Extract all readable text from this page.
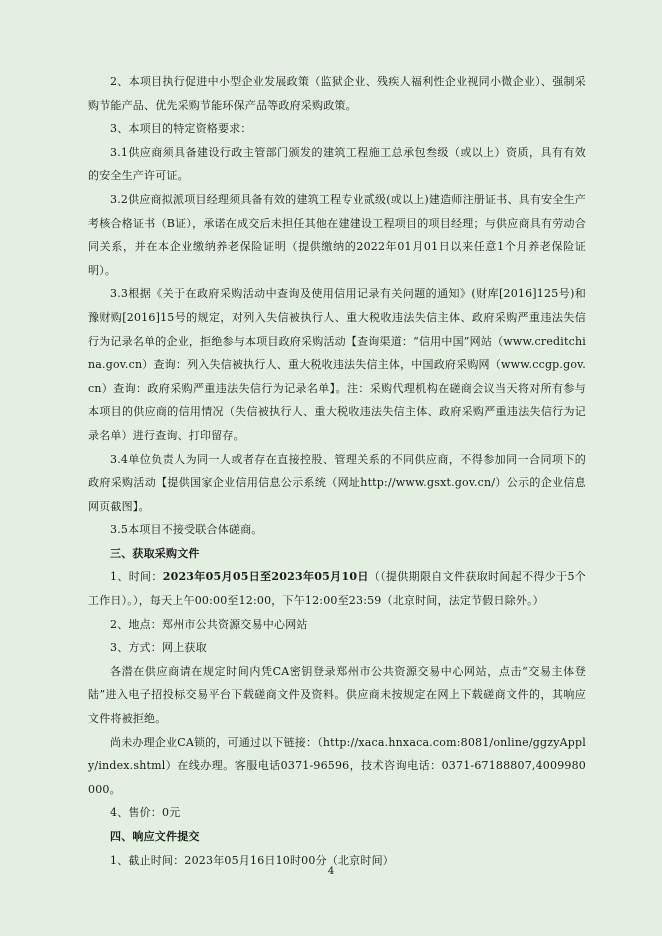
2、本项目执行促进中小型企业发展政策（监狱企业、残疾人福利性企业视同小微企业）、强制采购节能产品、优先采购节能环保产品等政府采购政策。

3、本项目的特定资格要求：

3.1供应商须具备建设行政主管部门颁发的建筑工程施工总承包叁级（或以上）资质，具有有效的安全生产许可证。

3.2供应商拟派项目经理须具备有效的建筑工程专业贰级(或以上)建造师注册证书、具有安全生产考核合格证书（B证），承诺在成交后未担任其他在建建设工程项目的项目经理；与供应商具有劳动合同关系，并在本企业缴纳养老保险证明（提供缴纳的2022年01月01日以来任意1个月养老保险证明）。

3.3根据《关于在政府采购活动中查询及使用信用记录有关问题的通知》(财库[2016]125号)和豫财购[2016]15号的规定，对列入失信被执行人、重大税收违法失信主体、政府采购严重违法失信行为记录名单的企业，拒绝参与本项目政府采购活动【查询渠道：“信用中国”网站（www.creditchina.gov.cn）查询：列入失信被执行人、重大税收违法失信主体，中国政府采购网（www.ccgp.gov.cn）查询：政府采购严重违法失信行为记录名单】。注：采购代理机构在磋商会议当天将对所有参与本项目的供应商的信用情况（失信被执行人、重大税收违法失信主体、政府采购严重违法失信行为记录名单）进行查询、打印留存。

3.4单位负责人为同一人或者存在直接控股、管理关系的不同供应商，不得参加同一合同项下的政府采购活动【提供国家企业信用信息公示系统（网址http://www.gsxt.gov.cn/）公示的企业信息网页截图】。

3.5本项目不接受联合体磋商。

三、获取采购文件

1、时间：2023年05月05日至2023年05月10日（（提供期限自文件获取时间起不得少于5个工作日）。），每天上午00:00至12:00，下午12:00至23:59（北京时间，法定节假日除外。）

2、地点：郑州市公共资源交易中心网站

3、方式：网上获取

各潜在供应商请在规定时间内凭CA密钥登录郑州市公共资源交易中心网站，点击“交易主体登陆”进入电子招投标交易平台下载磋商文件及资料。供应商未按规定在网上下载磋商文件的，其响应文件将被拒绝。

尚未办理企业CA锁的，可通过以下链接：（http://xaca.hnxaca.com:8081/online/ggzyApply/index.shtml）在线办理。客服电话0371-96596，技术咨询电话：0371-67188807,4009980000。

4、售价：0元

四、响应文件提交

1、截止时间：2023年05月16日10时00分（北京时间）

4
